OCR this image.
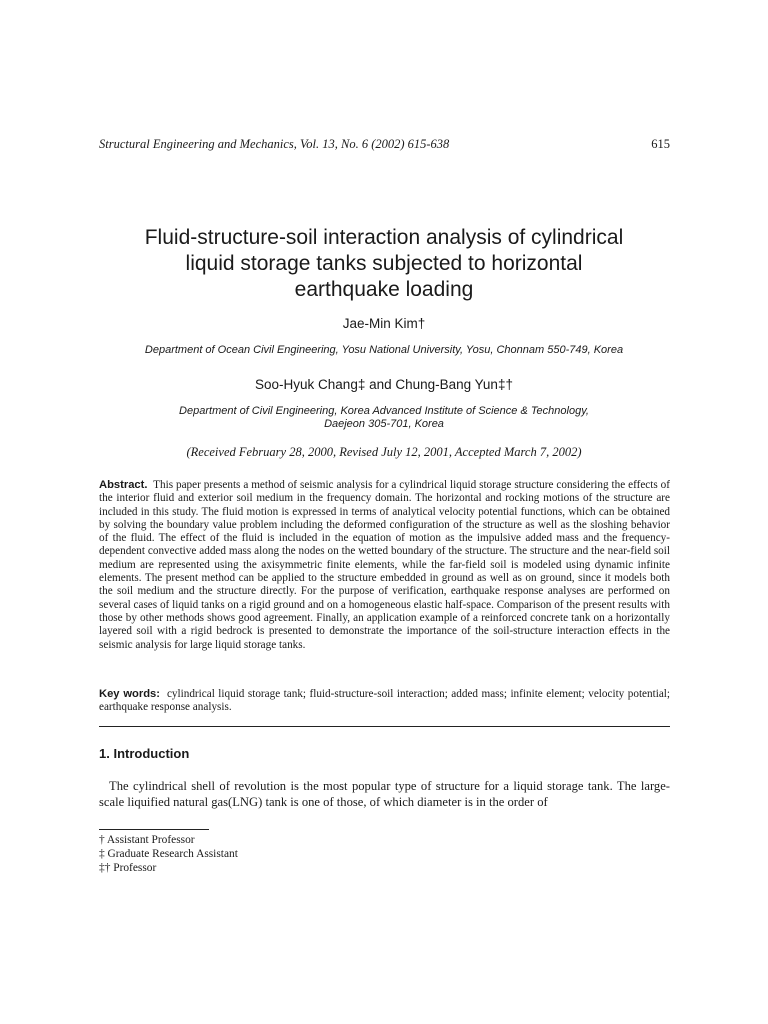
Structural Engineering and Mechanics, Vol. 13, No. 6 (2002) 615-638	615
Fluid-structure-soil interaction analysis of cylindrical
liquid storage tanks subjected to horizontal
earthquake loading
Jae-Min Kim†
Department of Ocean Civil Engineering, Yosu National University, Yosu, Chonnam 550-749, Korea
Soo-Hyuk Chang‡ and Chung-Bang Yun‡†
Department of Civil Engineering, Korea Advanced Institute of Science & Technology,
Daejeon 305-701, Korea
(Received February 28, 2000, Revised July 12, 2001, Accepted March 7, 2002)
Abstract. This paper presents a method of seismic analysis for a cylindrical liquid storage structure considering the effects of the interior fluid and exterior soil medium in the frequency domain. The horizontal and rocking motions of the structure are included in this study. The fluid motion is expressed in terms of analytical velocity potential functions, which can be obtained by solving the boundary value problem including the deformed configuration of the structure as well as the sloshing behavior of the fluid. The effect of the fluid is included in the equation of motion as the impulsive added mass and the frequency-dependent convective added mass along the nodes on the wetted boundary of the structure. The structure and the near-field soil medium are represented using the axisymmetric finite elements, while the far-field soil is modeled using dynamic infinite elements. The present method can be applied to the structure embedded in ground as well as on ground, since it models both the soil medium and the structure directly. For the purpose of verification, earthquake response analyses are performed on several cases of liquid tanks on a rigid ground and on a homogeneous elastic half-space. Comparison of the present results with those by other methods shows good agreement. Finally, an application example of a reinforced concrete tank on a horizontally layered soil with a rigid bedrock is presented to demonstrate the importance of the soil-structure interaction effects in the seismic analysis for large liquid storage tanks.
Key words: cylindrical liquid storage tank; fluid-structure-soil interaction; added mass; infinite element; velocity potential; earthquake response analysis.
1. Introduction
The cylindrical shell of revolution is the most popular type of structure for a liquid storage tank. The large-scale liquified natural gas(LNG) tank is one of those, of which diameter is in the order of
† Assistant Professor
‡ Graduate Research Assistant
‡† Professor
